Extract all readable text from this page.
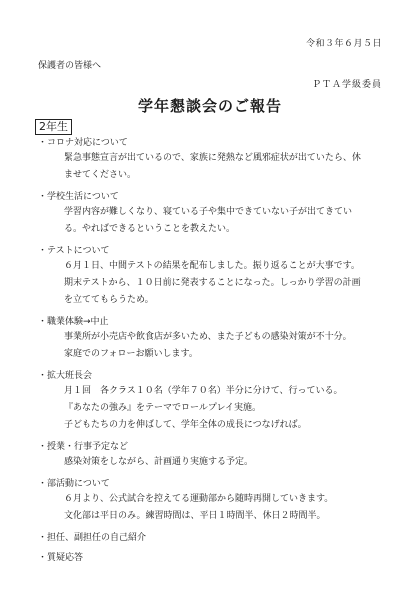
令和３年６月５日
保護者の皆様へ
ＰＴＡ学級委員
学年懇談会のご報告
2年生
・コロナ対応について
緊急事態宣言が出ているので、家族に発熱など風邪症状が出ていたら、休
ませてください。
・学校生活について
学習内容が難しくなり、寝ている子や集中できていない子が出てきてい
る。やればできるということを教えたい。
・テストについて
６月１日、中間テストの結果を配布しました。振り返ることが大事です。
期末テストから、１０日前に発表することになった。しっかり学習の計画
を立ててもらうため。
・職業体験→中止
事業所が小売店や飲食店が多いため、また子どもの感染対策が不十分。
家庭でのフォローお願いします。
・拡大班長会
月１回　各クラス１０名（学年７０名）半分に分けて、行っている。
『あなたの強み』をテーマでロールプレイ実施。
子どもたちの力を伸ばして、学年全体の成長につなげれば。
・授業・行事予定など
感染対策をしながら、計画通り実施する予定。
・部活動について
６月より、公式試合を控えてる運動部から随時再開していきます。
文化部は平日のみ。練習時間は、平日１時間半、休日２時間半。
・担任、副担任の自己紹介
・質疑応答
